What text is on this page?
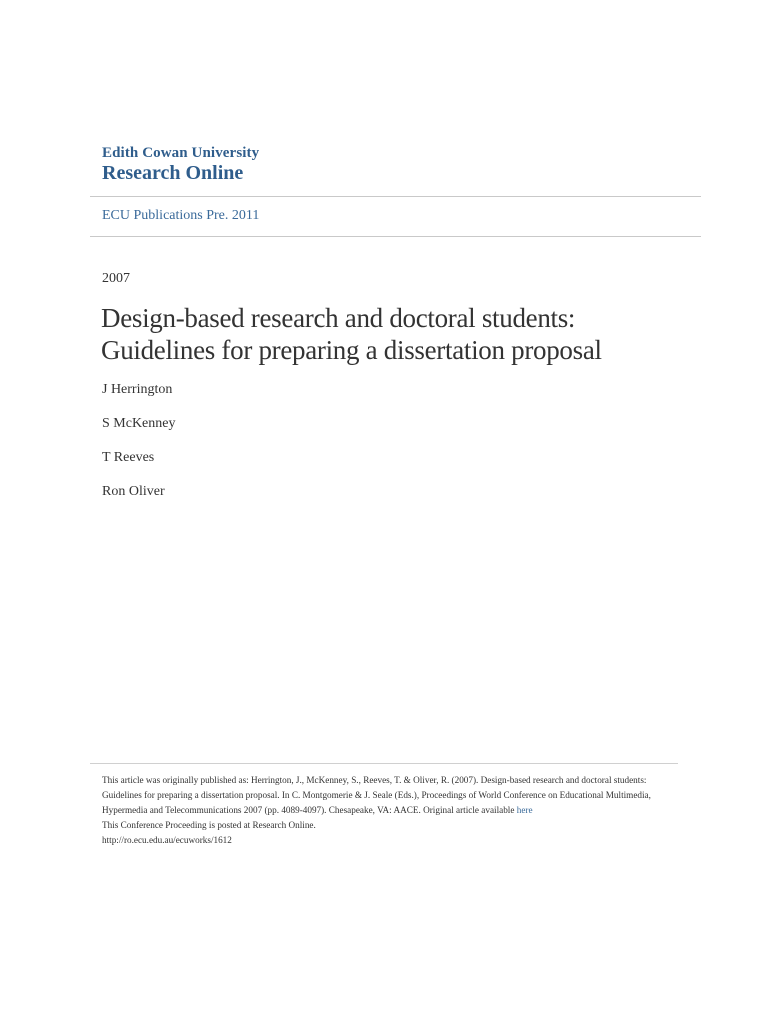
Edith Cowan University
Research Online
ECU Publications Pre. 2011
2007
Design-based research and doctoral students:
Guidelines for preparing a dissertation proposal
J Herrington
S McKenney
T Reeves
Ron Oliver
This article was originally published as: Herrington, J., McKenney, S., Reeves, T. & Oliver, R. (2007). Design-based research and doctoral students:
Guidelines for preparing a dissertation proposal. In C. Montgomerie & J. Seale (Eds.), Proceedings of World Conference on Educational Multimedia,
Hypermedia and Telecommunications 2007 (pp. 4089-4097). Chesapeake, VA: AACE. Original article available here
This Conference Proceeding is posted at Research Online.
http://ro.ecu.edu.au/ecuworks/1612
